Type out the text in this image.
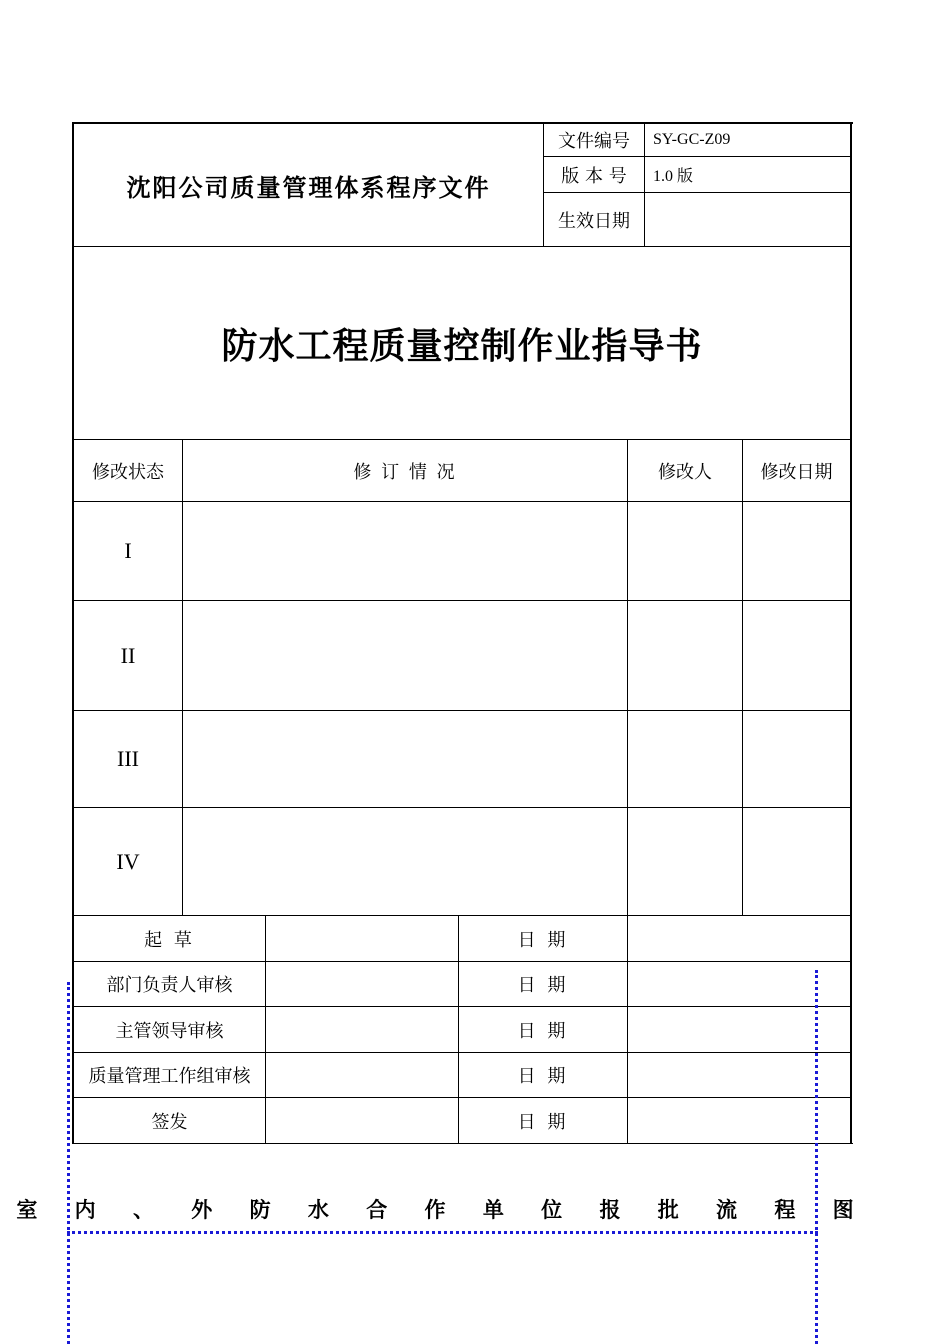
沈阳公司质量管理体系程序文件
文件编号	SY-GC-Z09
版 本 号	1.0 版
生效日期
防水工程质量控制作业指导书
修改状态	修 订 情 况	修改人	修改日期
I
II
III
IV
起 草	日 期
部门负责人审核	日 期
主管领导审核	日 期
质量管理工作组审核	日 期
签发	日 期
室 内 、 外 防 水 合 作 单 位 报 批 流 程 图
